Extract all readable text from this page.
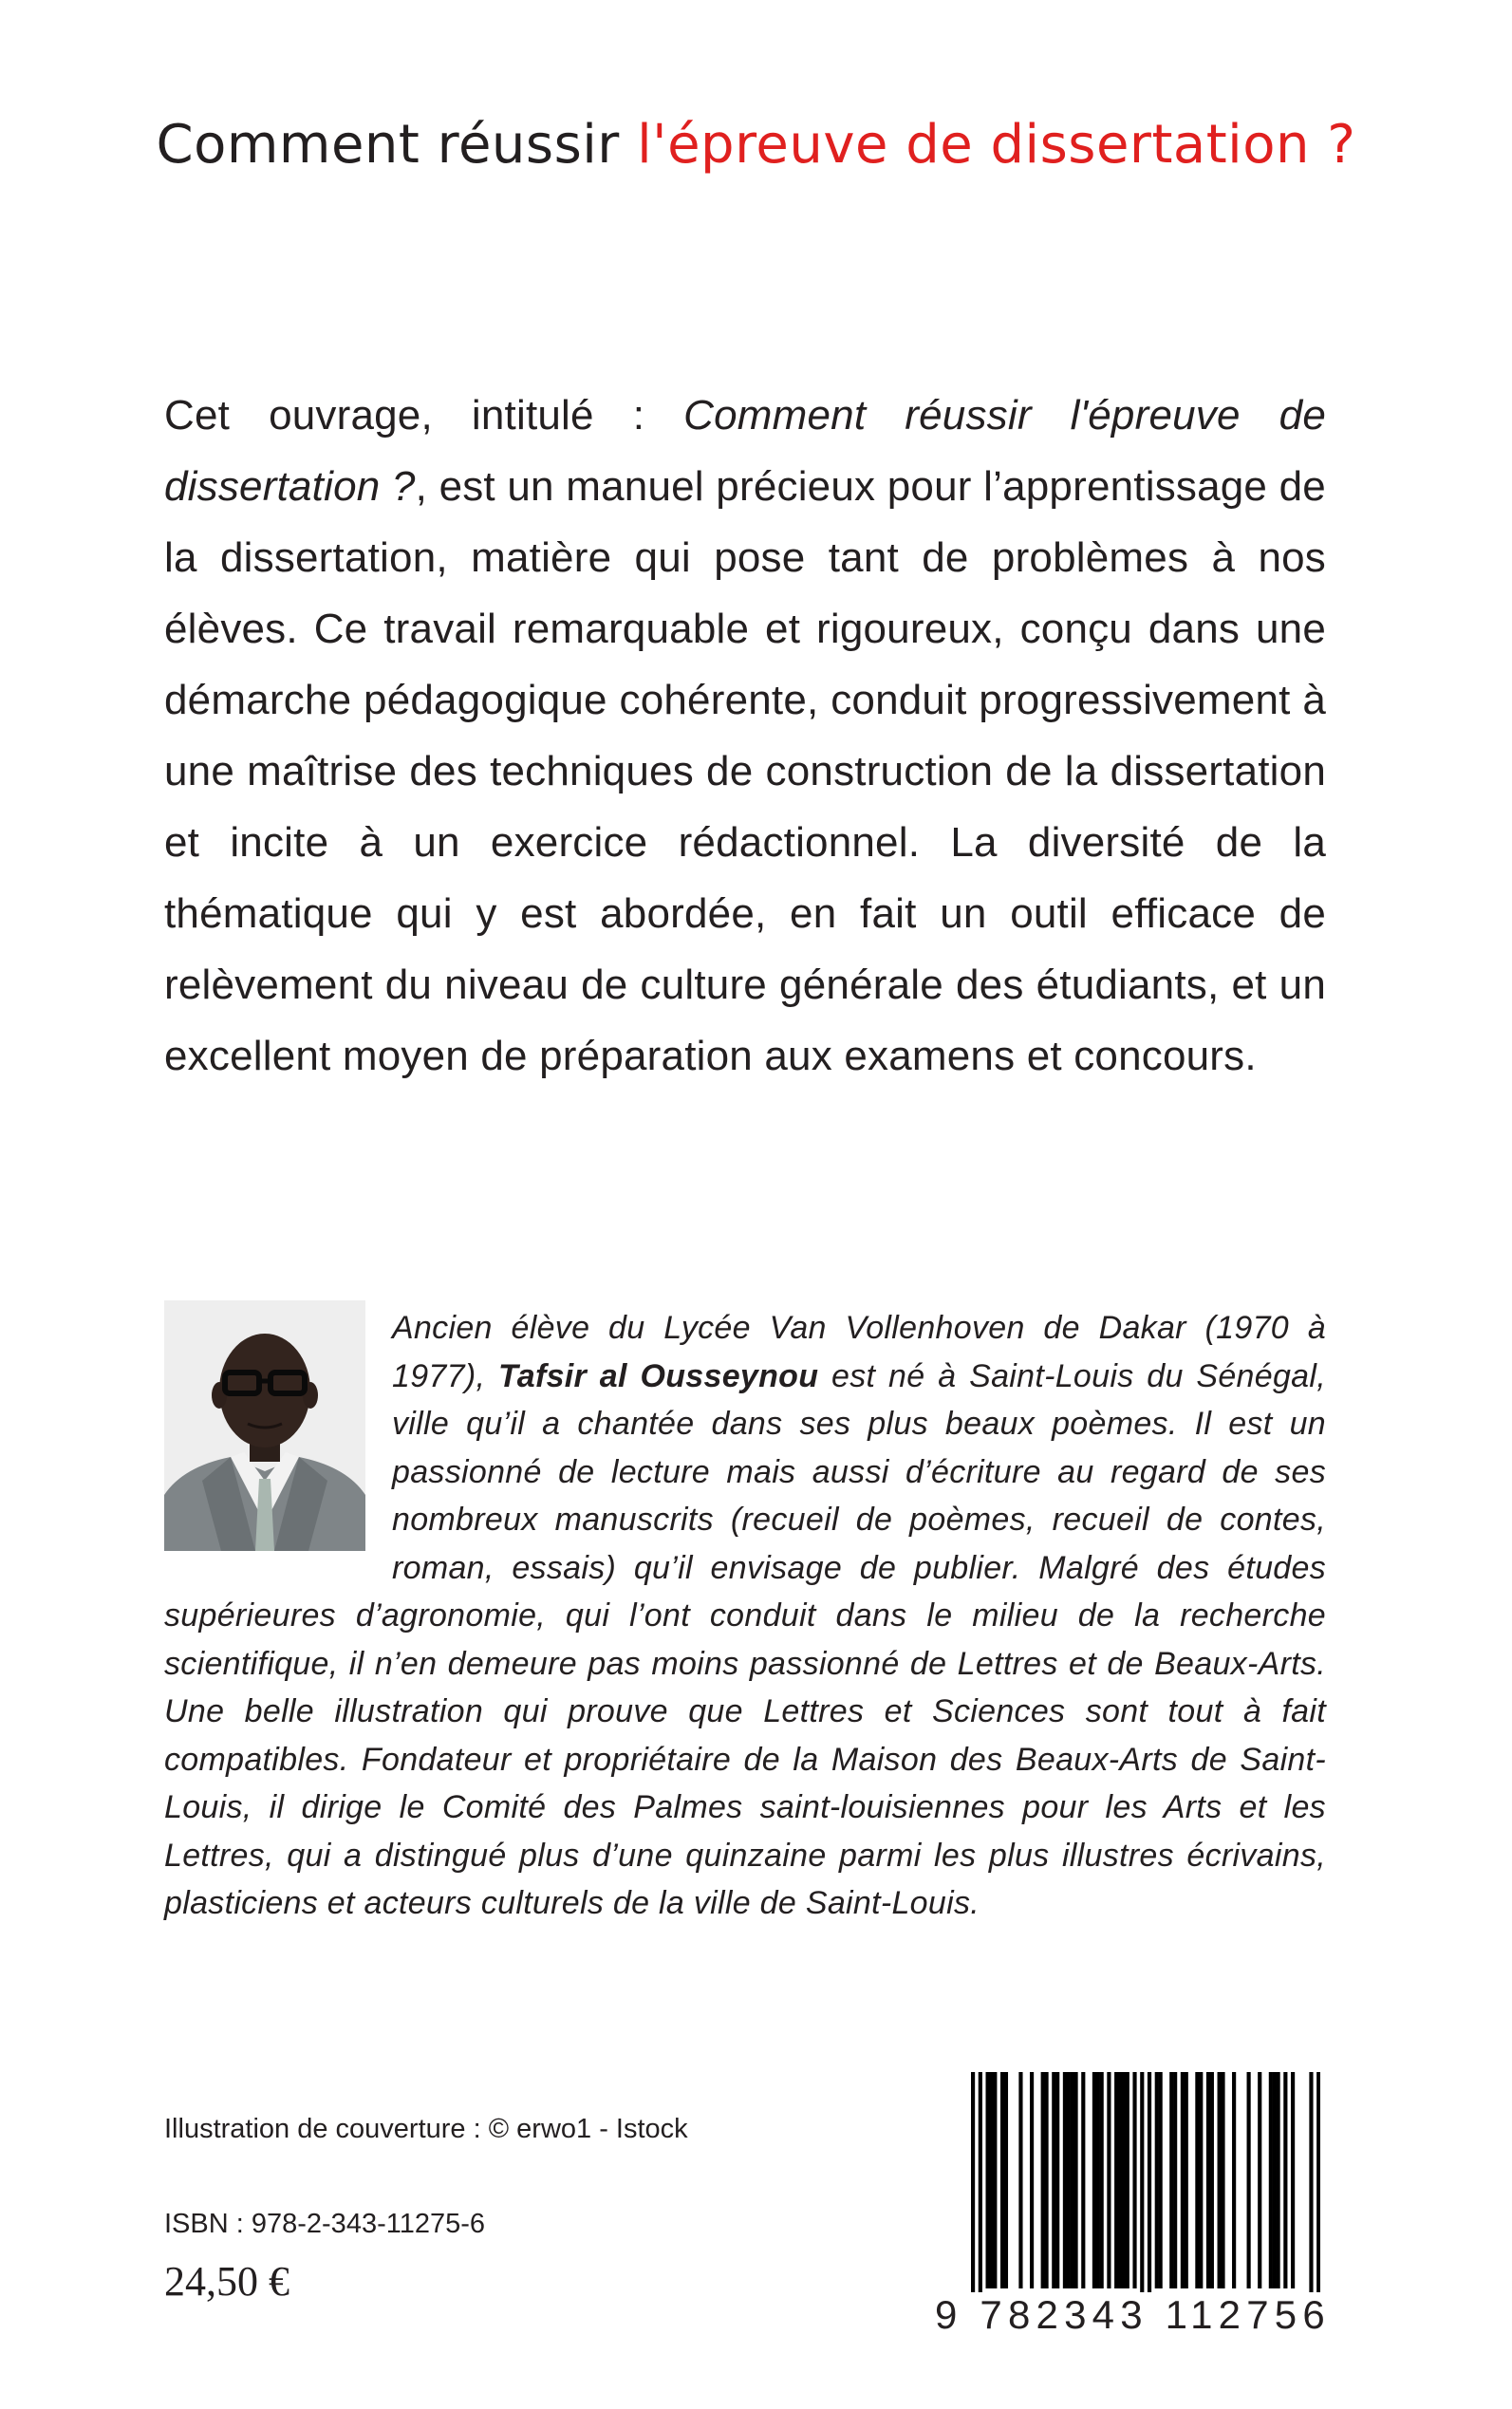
Comment réussir l'épreuve de dissertation ?
Cet ouvrage, intitulé : Comment réussir l'épreuve de dissertation ?, est un manuel précieux pour l’apprentissage de la dissertation, matière qui pose tant de problèmes à nos élèves. Ce travail remarquable et rigoureux, conçu dans une démarche pédagogique cohérente, conduit progressivement à une maîtrise des techniques de construction de la dissertation et incite à un exercice rédactionnel. La diversité de la thématique qui y est abordée, en fait un outil efficace de relèvement du niveau de culture générale des étudiants, et un excellent moyen de préparation aux examens et concours.
Ancien élève du Lycée Van Vollenhoven de Dakar (1970 à 1977), Tafsir al Ousseynou est né à Saint-Louis du Sénégal, ville qu’il a chantée dans ses plus beaux poèmes. Il est un passionné de lecture mais aussi d’écriture au regard de ses nombreux manuscrits (recueil de poèmes, recueil de contes, roman, essais) qu’il envisage de publier. Malgré des études supérieures d’agronomie, qui l’ont conduit dans le milieu de la recherche scientifique, il n’en demeure pas moins passionné de Lettres et de Beaux-Arts. Une belle illustration qui prouve que Lettres et Sciences sont tout à fait compatibles. Fondateur et propriétaire de la Maison des Beaux-Arts de Saint-Louis, il dirige le Comité des Palmes saint-louisiennes pour les Arts et les Lettres, qui a distingué plus d’une quinzaine parmi les plus illustres écrivains, plasticiens et acteurs culturels de la ville de Saint-Louis.
Illustration de couverture : © erwo1 - Istock
ISBN : 978-2-343-11275-6
24,50 €
9 782343 112756
